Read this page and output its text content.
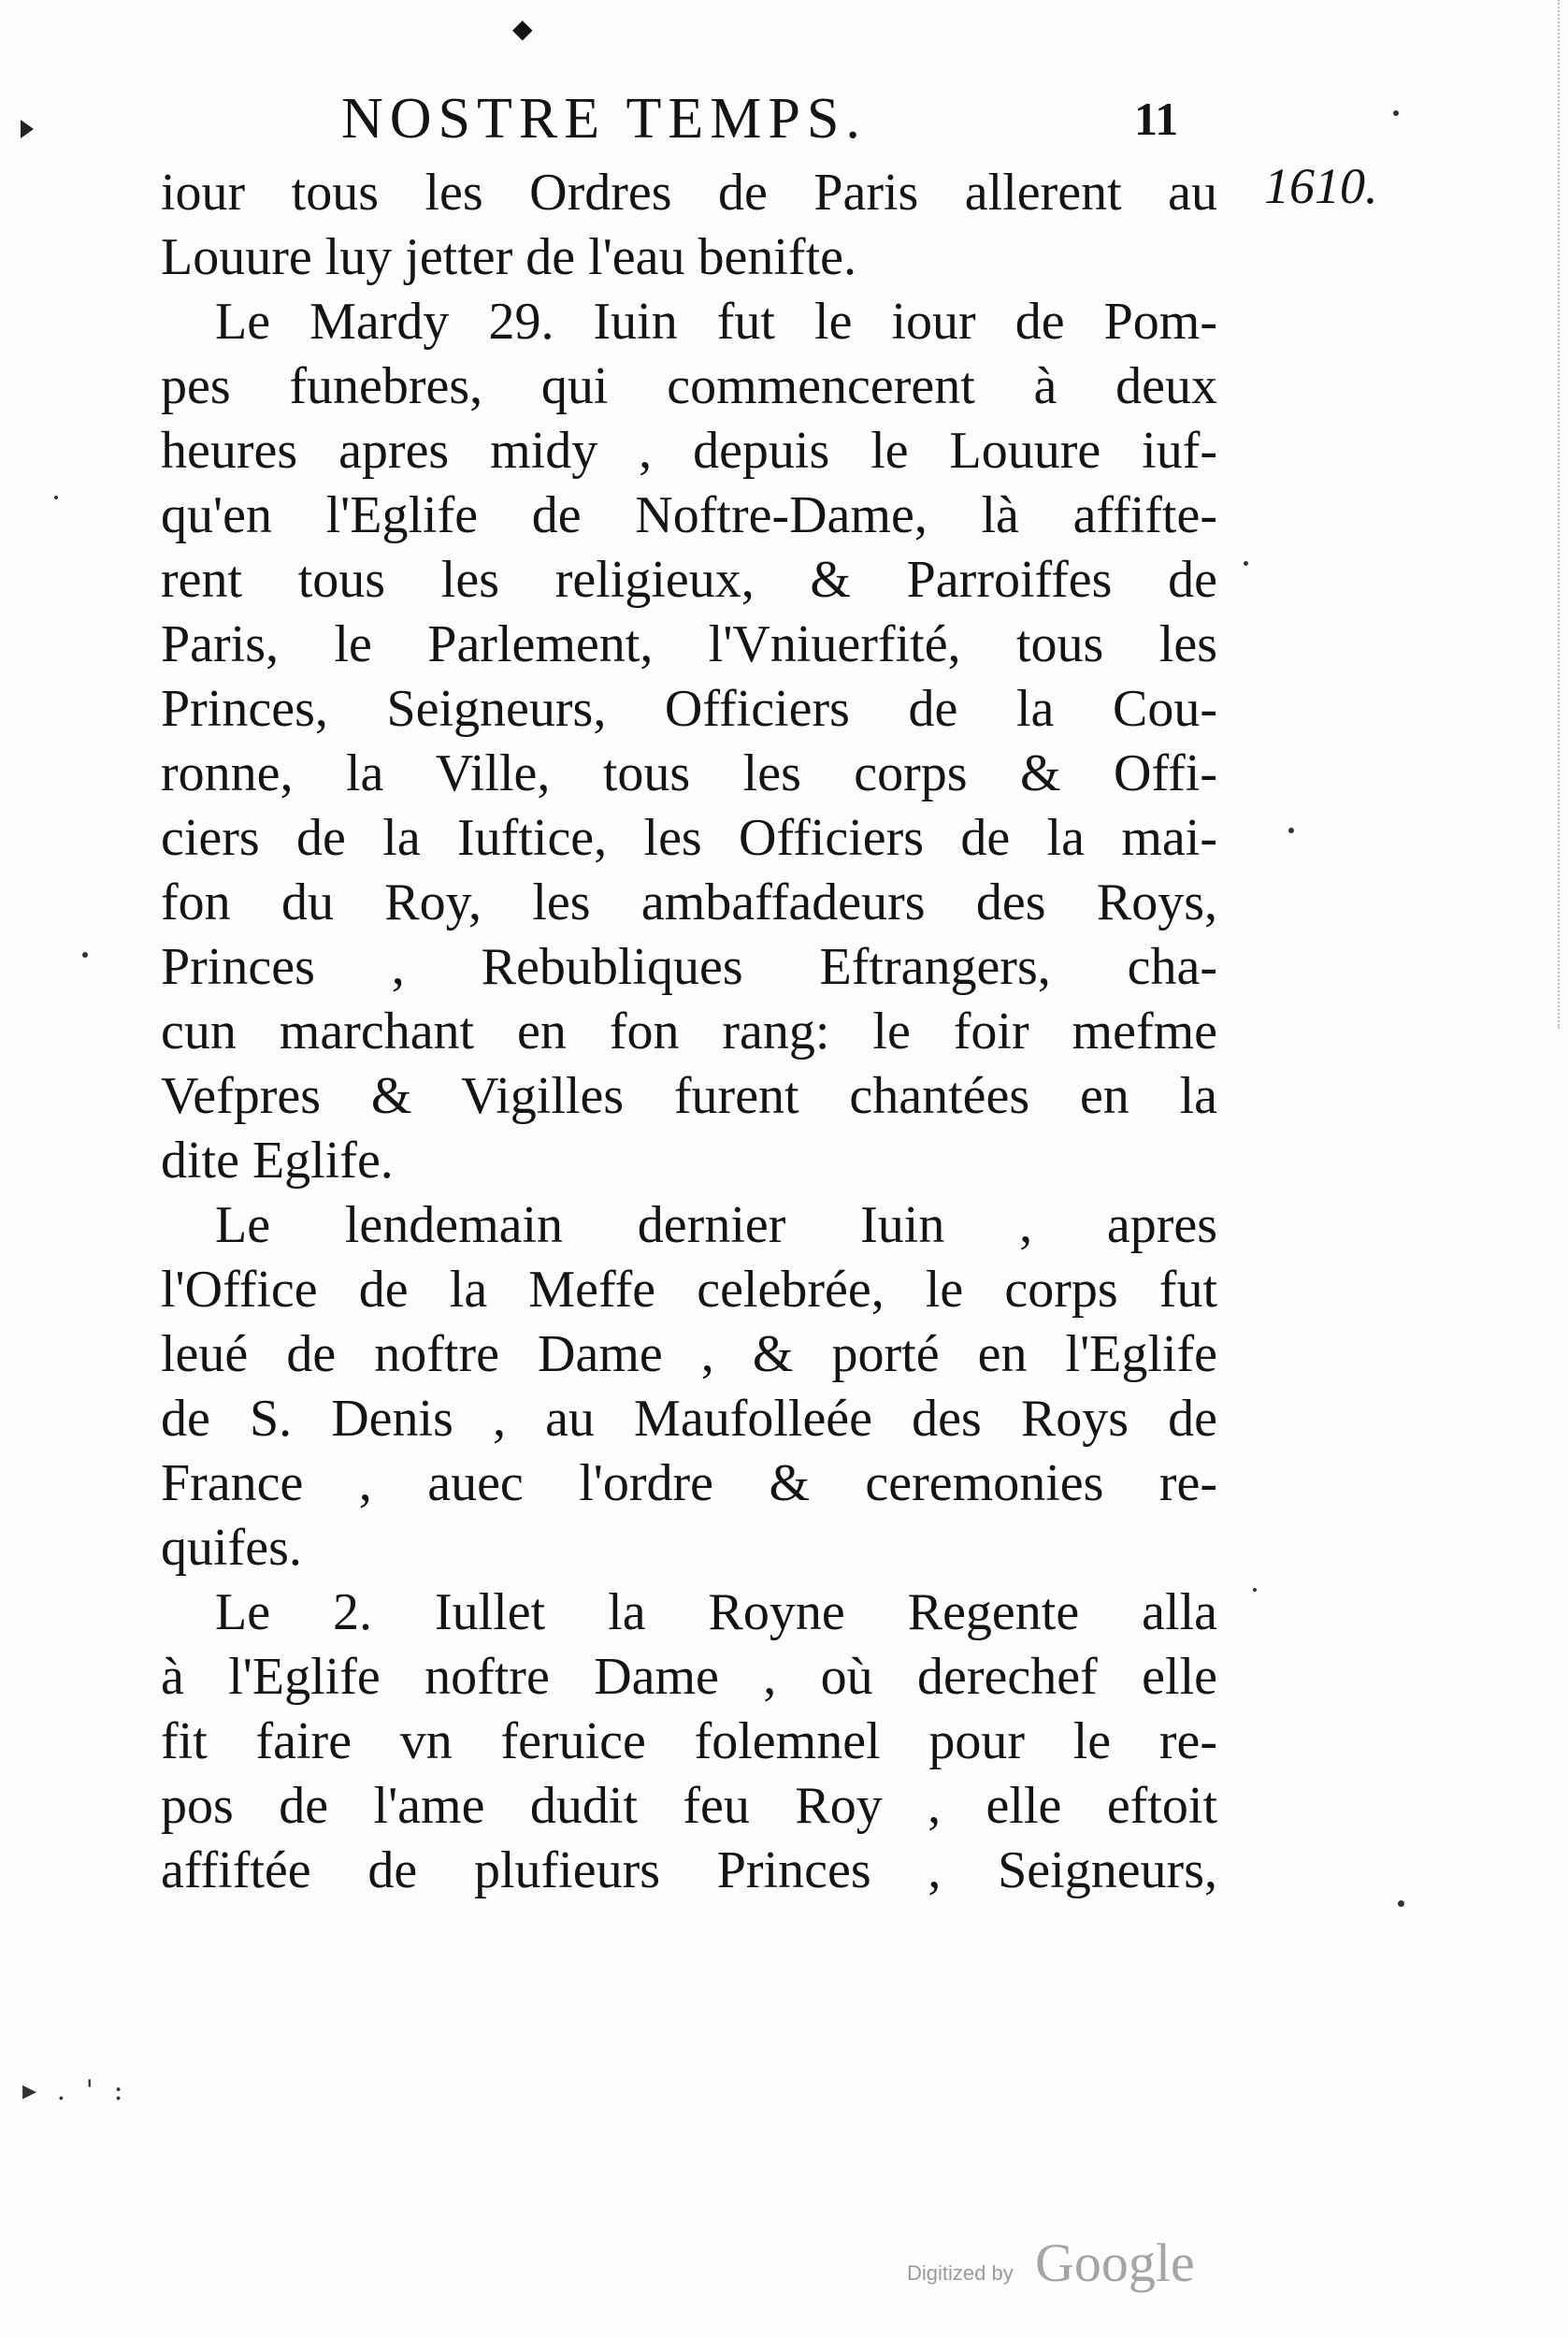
◆
NOSTRE TEMPS.	11
1610.
iour tous les Ordres de Paris allerent au
Louure luy jetter de l'eau benifte.
Le Mardy 29. Iuin fut le iour de Pom-
pes funebres, qui commencerent à deux
heures apres midy , depuis le Louure iuf-
qu'en l'Eglife de Noftre-Dame, là affifte-
rent tous les religieux, & Parroiffes de
Paris, le Parlement, l'Vniuerfité, tous les
Princes, Seigneurs, Officiers de la Cou-
ronne, la Ville, tous les corps & Offi-
ciers de la Iuftice, les Officiers de la mai-
fon du Roy, les ambaffadeurs des Roys,
Princes , Rebubliques Eftrangers, cha-
cun marchant en fon rang: le foir mefme
Vefpres & Vigilles furent chantées en la
dite Eglife.
Le lendemain dernier Iuin , apres
l'Office de la Meffe celebrée, le corps fut
leué de noftre Dame , & porté en l'Eglife
de S. Denis , au Maufolleée des Roys de
France , auec l'ordre & ceremonies re-
quifes.
Le 2. Iullet la Royne Regente alla
à l'Eglife noftre Dame , où derechef elle
fit faire vn feruice folemnel pour le re-
pos de l'ame dudit feu Roy , elle eftoit
affiftée de plufieurs Princes , Seigneurs,
▸ . ' :
Digitized by Google
